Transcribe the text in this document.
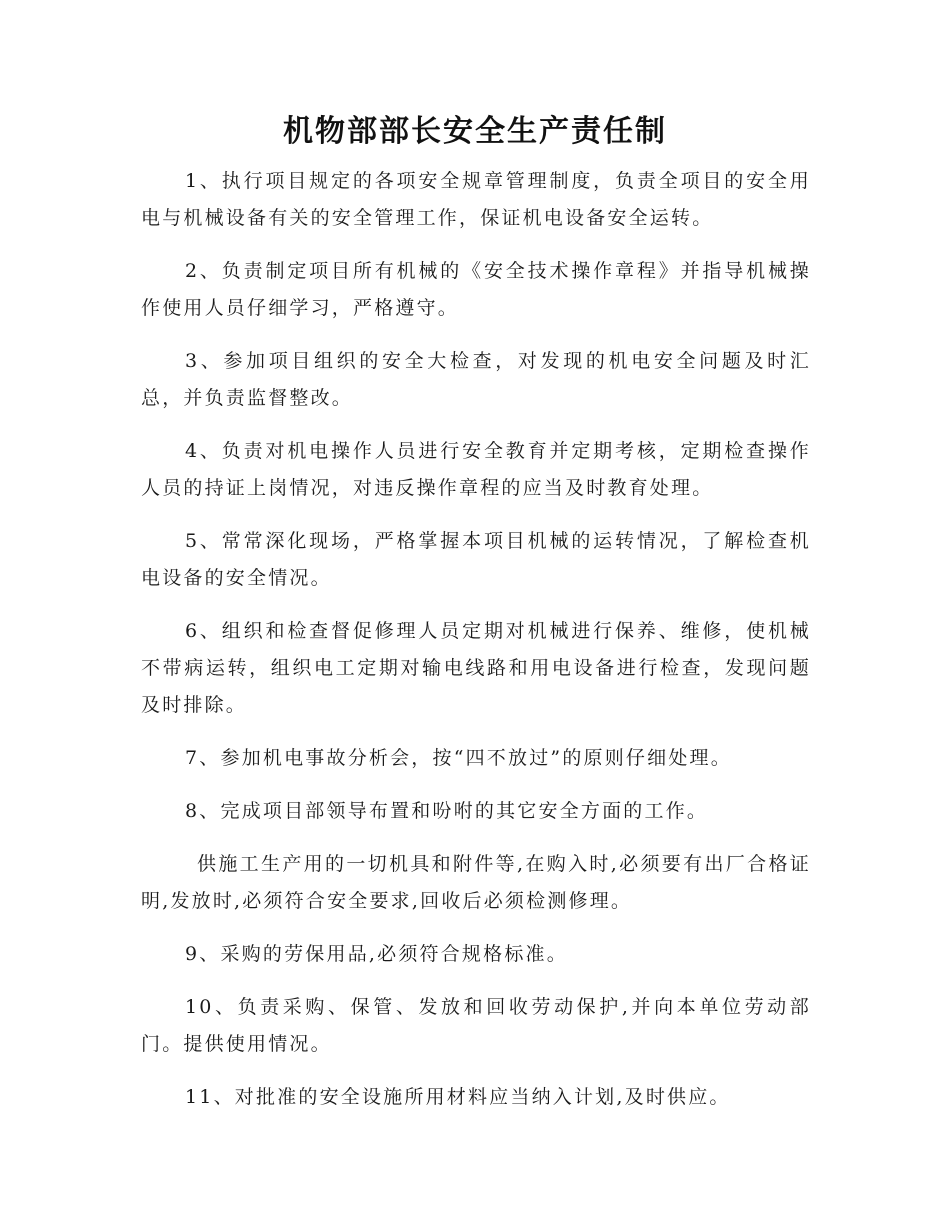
机物部部长安全生产责任制

1、执行项目规定的各项安全规章管理制度，负责全项目的安全用电与机械设备有关的安全管理工作，保证机电设备安全运转。

2、负责制定项目所有机械的《安全技术操作章程》并指导机械操作使用人员仔细学习，严格遵守。

3、参加项目组织的安全大检查，对发现的机电安全问题及时汇总，并负责监督整改。

4、负责对机电操作人员进行安全教育并定期考核，定期检查操作人员的持证上岗情况，对违反操作章程的应当及时教育处理。

5、常常深化现场，严格掌握本项目机械的运转情况，了解检查机电设备的安全情况。

6、组织和检查督促修理人员定期对机械进行保养、维修，使机械不带病运转，组织电工定期对输电线路和用电设备进行检查，发现问题及时排除。

7、参加机电事故分析会，按“四不放过”的原则仔细处理。

8、完成项目部领导布置和吩咐的其它安全方面的工作。

供施工生产用的一切机具和附件等,在购入时,必须要有出厂合格证明,发放时,必须符合安全要求,回收后必须检测修理。

9、采购的劳保用品,必须符合规格标准。

10、负责采购、保管、发放和回收劳动保护,并向本单位劳动部门。提供使用情况。

11、对批准的安全设施所用材料应当纳入计划,及时供应。
